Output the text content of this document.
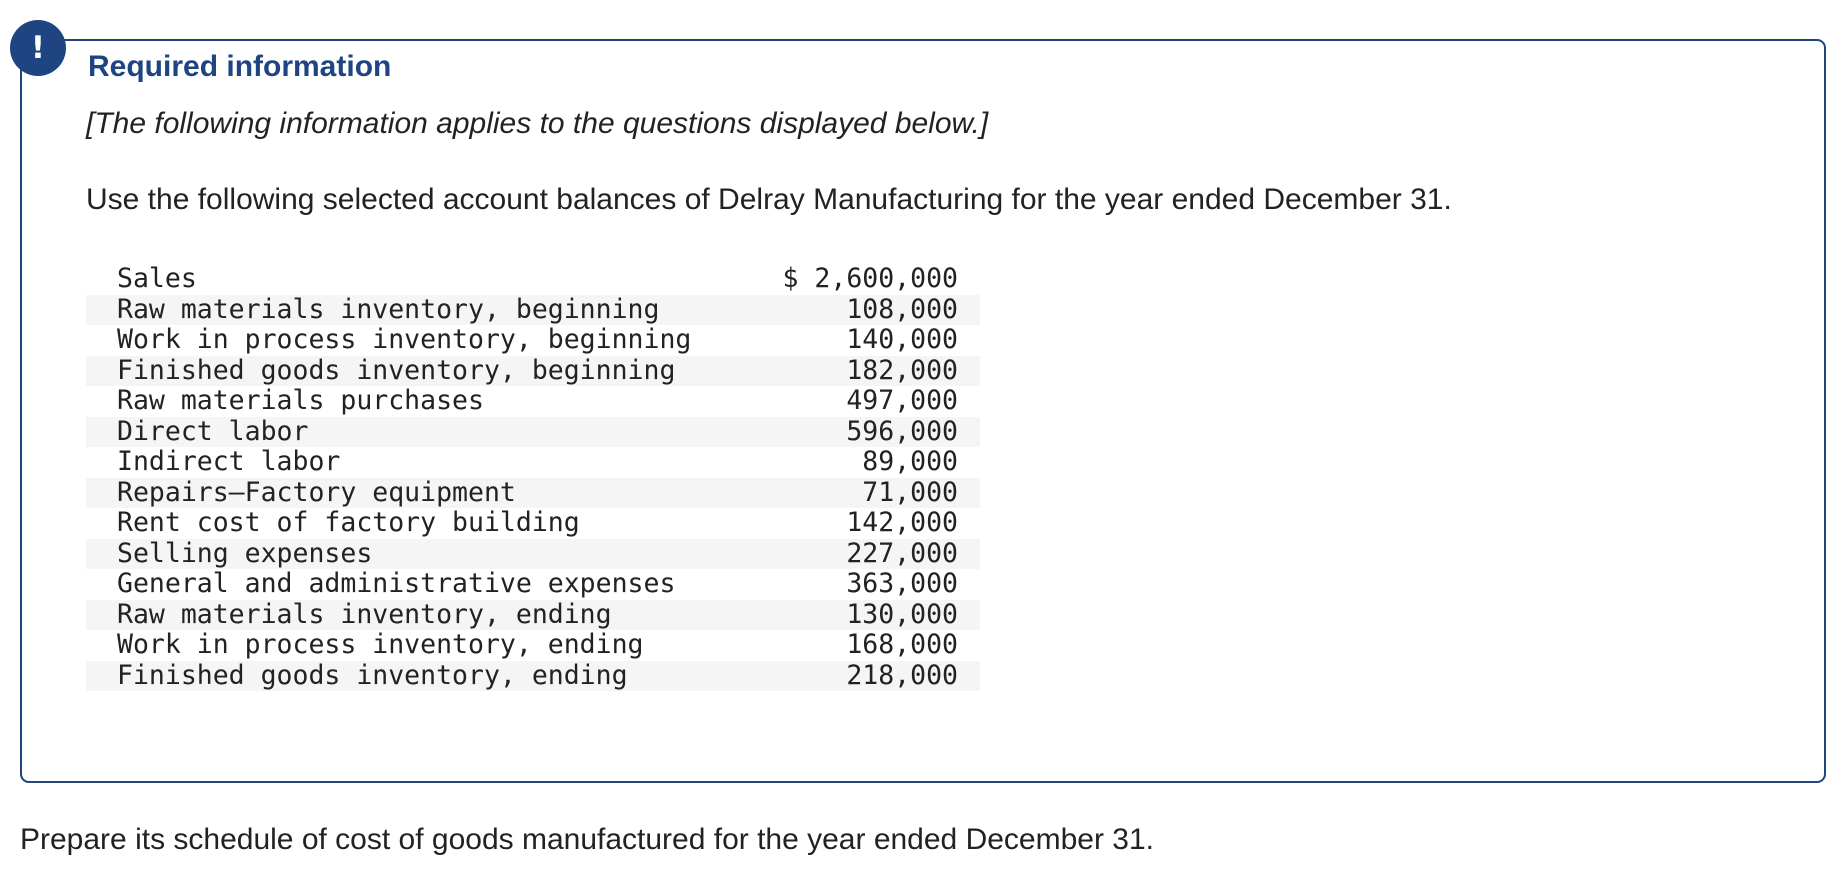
!
Required information

[The following information applies to the questions displayed below.]

Use the following selected account balances of Delray Manufacturing for the year ended December 31.

Sales	$ 2,600,000
Raw materials inventory, beginning	108,000
Work in process inventory, beginning	140,000
Finished goods inventory, beginning	182,000
Raw materials purchases	497,000
Direct labor	596,000
Indirect labor	89,000
Repairs—Factory equipment	71,000
Rent cost of factory building	142,000
Selling expenses	227,000
General and administrative expenses	363,000
Raw materials inventory, ending	130,000
Work in process inventory, ending	168,000
Finished goods inventory, ending	218,000

Prepare its schedule of cost of goods manufactured for the year ended December 31.
